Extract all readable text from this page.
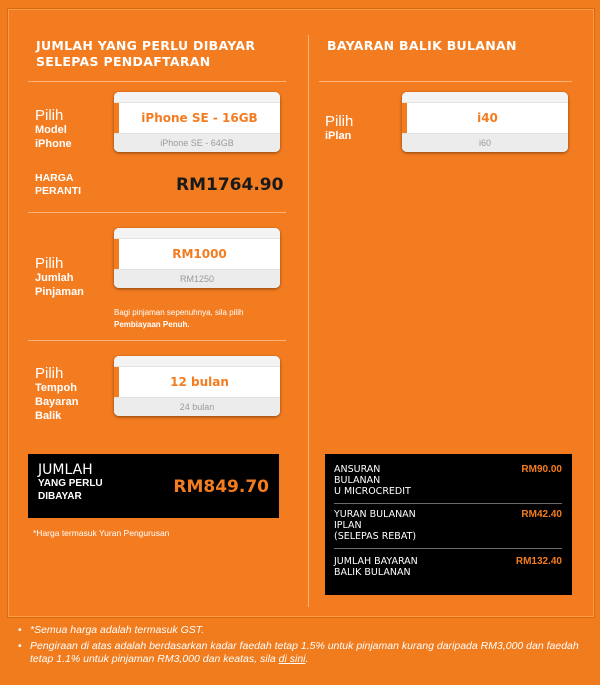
JUMLAH YANG PERLU DIBAYAR SELEPAS PENDAFTARAN
Pilih
Model iPhone
iPhone SE - 16GB
iPhone SE - 64GB
HARGA PERANTI	RM1764.90
Pilih
Jumlah Pinjaman
RM1000
RM1250
Bagi pinjaman sepenuhnya, sila pilih
Pembiayaan Penuh.
Pilih
Tempoh Bayaran Balik
12 bulan
24 bulan
JUMLAH
YANG PERLU DIBAYAR	RM849.70
*Harga termasuk Yuran Pengurusan
BAYARAN BALIK BULANAN
Pilih
iPlan
i40
i60
ANSURAN
BULANAN
U MICROCREDIT
RM90.00
YURAN BULANAN
IPLAN
(SELEPAS REBAT)
RM42.40
JUMLAH BAYARAN
BALIK BULANAN
RM132.40
• *Semua harga adalah termasuk GST.
• Pengiraan di atas adalah berdasarkan kadar faedah tetap 1.5% untuk pinjaman kurang daripada RM3,000 dan faedah tetap 1.1% untuk pinjaman RM3,000 dan keatas, sila di sini.
